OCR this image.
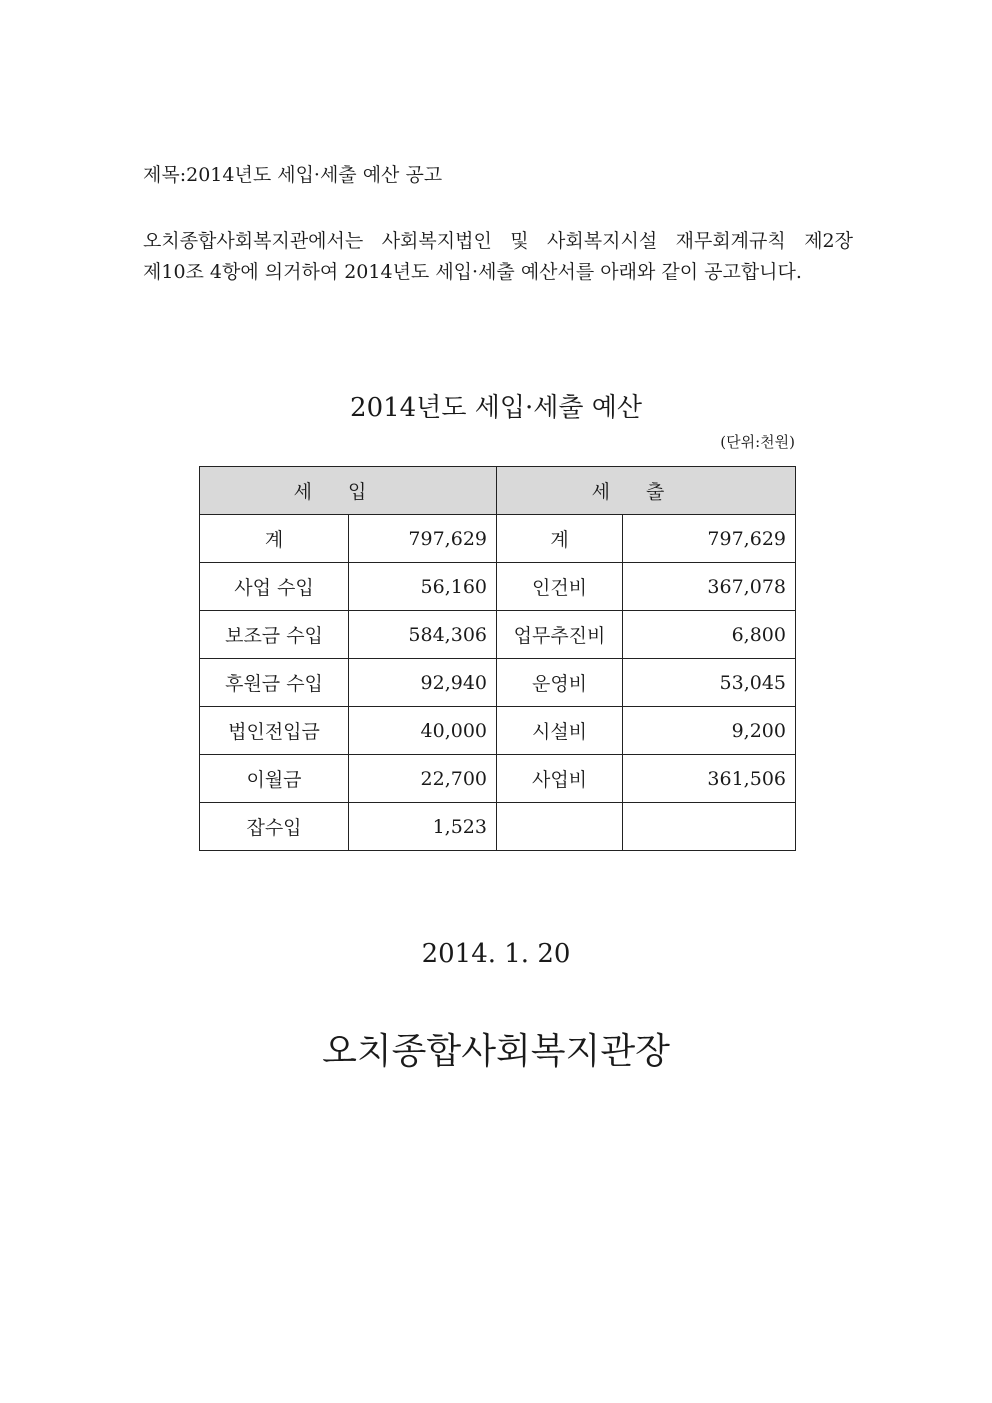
제목:2014년도 세입·세출 예산 공고
오치종합사회복지관에서는 사회복지법인 및 사회복지시설 재무회계규칙 제2장 제10조 4항에 의거하여 2014년도 세입·세출 예산서를 아래와 같이 공고합니다.
2014년도 세입·세출 예산
(단위:천원)
세입		세출	
계	797,629	계	797,629
사업 수입	56,160	인건비	367,078
보조금 수입	584,306	업무추진비	6,800
후원금 수입	92,940	운영비	53,045
법인전입금	40,000	시설비	9,200
이월금	22,700	사업비	361,506
잡수입	1,523		
2014. 1. 20
오치종합사회복지관장
